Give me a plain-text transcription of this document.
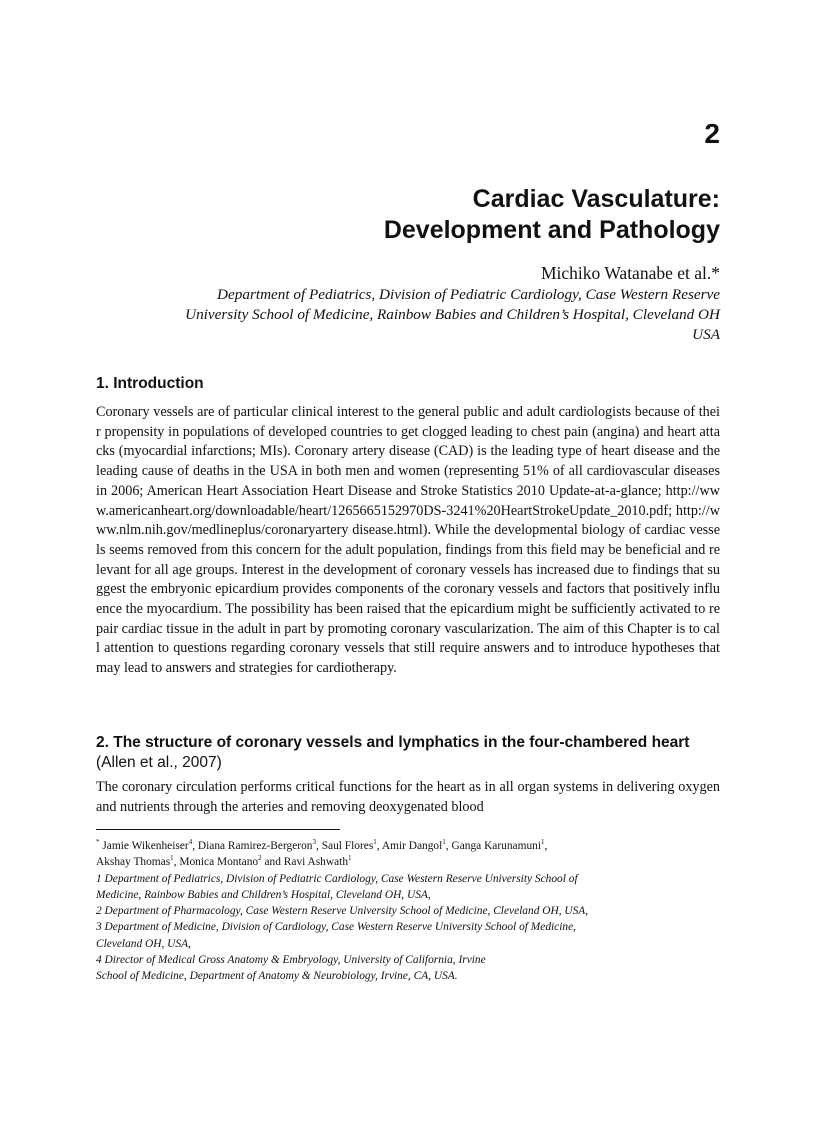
2
Cardiac Vasculature:
Development and Pathology
Michiko Watanabe et al.*
Department of Pediatrics, Division of Pediatric Cardiology, Case Western Reserve
University School of Medicine, Rainbow Babies and Children’s Hospital, Cleveland OH
USA
1. Introduction
Coronary vessels are of particular clinical interest to the general public and adult cardiologists because of their propensity in populations of developed countries to get clogged leading to chest pain (angina) and heart attacks (myocardial infarctions; MIs). Coronary artery disease (CAD) is the leading type of heart disease and the leading cause of deaths in the USA in both men and women (representing 51% of all cardiovascular diseases in 2006; American Heart Association Heart Disease and Stroke Statistics 2010 Update-at-a-glance; http://www.americanheart.org/downloadable/heart/1265665152970DS-3241%20HeartStrokeUpdate_2010.pdf; http://www.nlm.nih.gov/medlineplus/coronaryartery disease.html). While the developmental biology of cardiac vessels seems removed from this concern for the adult population, findings from this field may be beneficial and relevant for all age groups. Interest in the development of coronary vessels has increased due to findings that suggest the embryonic epicardium provides components of the coronary vessels and factors that positively influence the myocardium. The possibility has been raised that the epicardium might be sufficiently activated to repair cardiac tissue in the adult in part by promoting coronary vascularization. The aim of this Chapter is to call attention to questions regarding coronary vessels that still require answers and to introduce hypotheses that may lead to answers and strategies for cardiotherapy.
2. The structure of coronary vessels and lymphatics in the four-chambered heart (Allen et al., 2007)
The coronary circulation performs critical functions for the heart as in all organ systems in delivering oxygen and nutrients through the arteries and removing deoxygenated blood
* Jamie Wikenheiser$^4$, Diana Ramirez-Bergeron$^3$, Saul Flores$^1$, Amir Dangol$^1$, Ganga Karunamuni$^1$,
Akshay Thomas$^1$, Monica Montano$^2$ and Ravi Ashwath$^1$
1 Department of Pediatrics, Division of Pediatric Cardiology, Case Western Reserve University School of
Medicine, Rainbow Babies and Children’s Hospital, Cleveland OH, USA,
2 Department of Pharmacology, Case Western Reserve University School of Medicine, Cleveland OH, USA,
3 Department of Medicine, Division of Cardiology, Case Western Reserve University School of Medicine,
Cleveland OH, USA,
4 Director of Medical Gross Anatomy & Embryology, University of California, Irvine
School of Medicine, Department of Anatomy & Neurobiology, Irvine, CA, USA.
